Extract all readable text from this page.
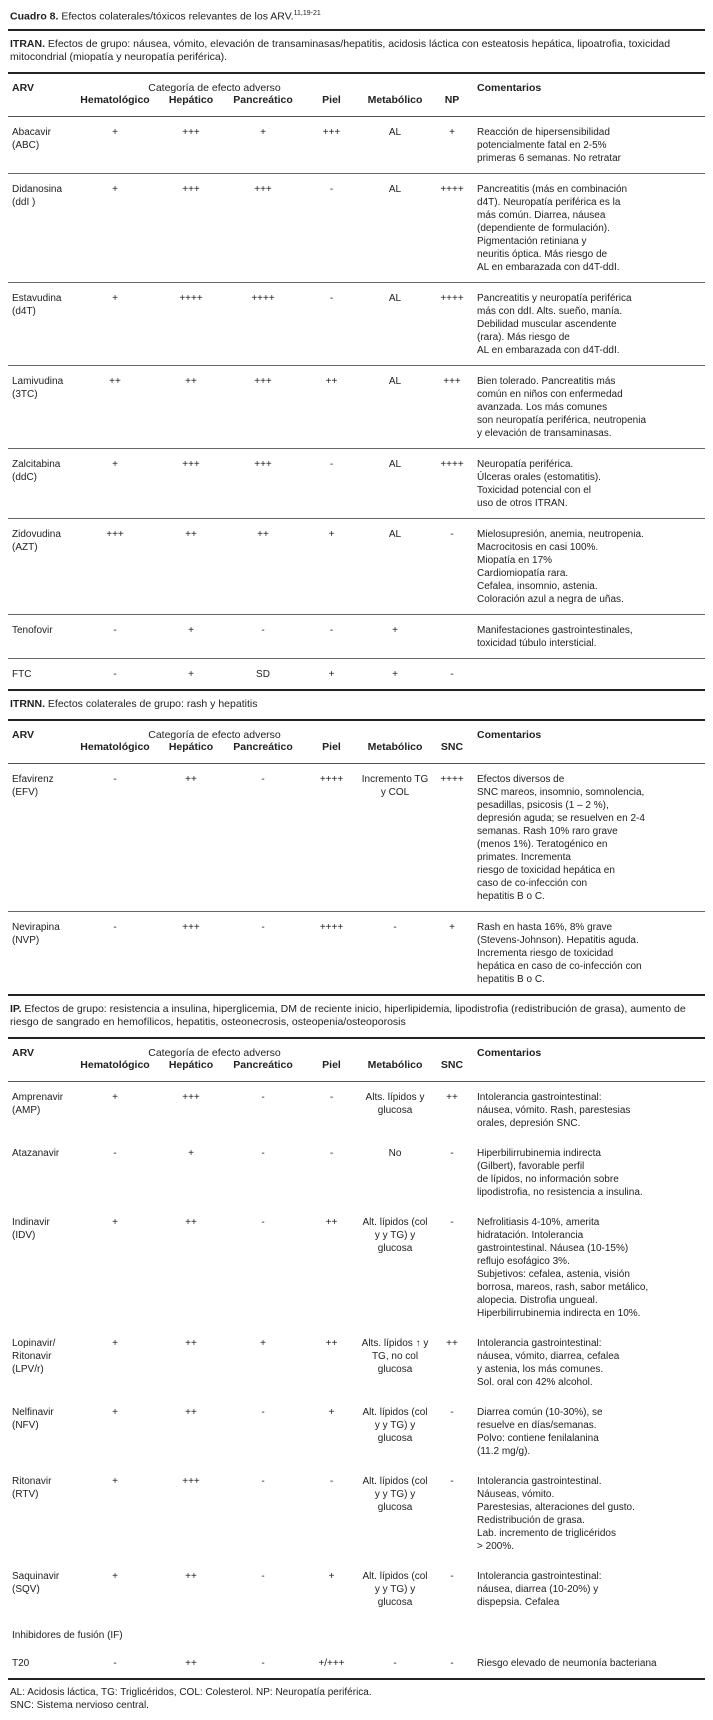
Cuadro 8. Efectos colaterales/tóxicos relevantes de los ARV.$^{11,19-21}$
ITRAN. Efectos de grupo: náusea, vómito, elevación de transaminasas/hepatitis, acidosis láctica con esteatosis hepática, lipoatrofia, toxicidad mitocondrial (miopatía y neuropatía periférica).
ARV	Categoría de efecto adverso						Comentarios
	Hematológico	Hepático	Pancreático	Piel	Metabólico	NP	

Abacavir
(ABC)	+	+++	+	+++	AL	+	Reacción de hipersensibilidad
potencialmente fatal en 2-5%
primeras 6 semanas. No retratar

Didanosina
(ddI )
	+	+++	+++	-	AL	++++	Pancreatitis (más en combinación
d4T). Neuropatía periférica es la
más común. Diarrea, náusea
(dependiente de formulación).
Pigmentación retiniana y
neuritis óptica. Más riesgo de
AL en embarazada con d4T-ddI.

Estavudina
(d4T)	+	++++	++++	-	AL	++++	Pancreatitis y neuropatía periférica
más con ddI. Alts. sueño, manía.
Debilidad muscular ascendente
(rara). Más riesgo de
AL en embarazada con d4T-ddI.

Lamivudina
(3TC)	++	++	+++	++	AL	+++	Bien tolerado. Pancreatitis más
común en niños con enfermedad
avanzada. Los más comunes
son neuropatía periférica, neutropenia
y elevación de transaminasas.

Zalcitabina
(ddC)	+	+++	+++	-	AL	++++	Neuropatía periférica.
Úlceras orales (estomatitis).
Toxicidad potencial con el
uso de otros ITRAN.

Zidovudina
(AZT)
	+++	++	++	+	AL	-	Mielosupresión, anemia, neutropenia.
Macrocitosis en casi 100%.
Miopatía en 17%
Cardiomiopatía rara.
Cefalea, insomnio, astenia.
Coloración azul a negra de uñas.

Tenofovir	-	+	-	-	+		Manifestaciones gastrointestinales,
toxicidad túbulo intersticial.

FTC	-	+	SD	+	+	-	
ITRNN. Efectos colaterales de grupo: rash y hepatitis
ARV	Categoría de efecto adverso						Comentarios
	Hematológico	Hepático	Pancreático	Piel	Metabólico	SNC	

Efavirenz
(EFV)
	-	++	-	++++	Incremento TG y COL	++++	Efectos diversos de
SNC mareos, insomnio, somnolencia,
pesadillas, psicosis (1 – 2 %),
depresión aguda; se resuelven en 2-4
semanas. Rash 10% raro grave
(menos 1%). Teratogénico en
primates. Incrementa
riesgo de toxicidad hepática en
caso de co-infección con
hepatitis B o C.

Nevirapina
(NVP)	-	+++	-	++++	-	+	Rash en hasta 16%, 8% grave
(Stevens-Johnson). Hepatitis aguda.
Incrementa riesgo de toxicidad
hepática en caso de co-infección con
hepatitis B o C.
IP. Efectos de grupo: resistencia a insulina, hiperglicemia, DM de reciente inicio, hiperlipidemia, lipodistrofia (redistribución de grasa), aumento de riesgo de sangrado en hemofílicos, hepatitis, osteonecrosis, osteopenia/osteoporosis
ARV	Categoría de efecto adverso						Comentarios
	Hematológico	Hepático	Pancreático	Piel	Metabólico	SNC	

Amprenavir
(AMP)	+	+++	-	-	Alts. lípidos y glucosa	++	Intolerancia gastrointestinal:
náusea, vómito. Rash, parestesias
orales, depresión SNC.

Atazanavir	-	+	-	-	No	-	Hiperbilirrubinemia indirecta
(Gilbert), favorable perfil
de lípidos, no información sobre
lipodistrofia, no resistencia a insulina.

Indinavir
(IDV)
	+	++	-	++	Alt. lípidos (col y y TG) y glucosa	-	Nefrolitiasis 4-10%, amerita
hidratación. Intolerancia
gastrointestinal. Náusea (10-15%)
reflujo esofágico 3%.
Subjetivos: cefalea, astenia, visión
borrosa, mareos, rash, sabor metálico,
alopecia. Distrofia ungueal.
Hiperbilirrubinemia indirecta en 10%.

Lopinavir/
Ritonavir
(LPV/r)	+	++	+	++	Alts. lípidos ↑ y TG, no col glucosa	++	Intolerancia gastrointestinal:
náusea, vómito, diarrea, cefalea
y astenia, los más comunes.
Sol. oral con 42% alcohol.

Nelfinavir
(NFV)	+	++	-	+	Alt. lípidos (col y y TG) y glucosa	-	Diarrea común (10-30%), se
resuelve en días/semanas.
Polvo: contiene fenilalanina
(11.2 mg/g).

Ritonavir
(RTV)
	+	+++	-	-	Alt. lípidos (col y y TG) y glucosa	-	Intolerancia gastrointestinal.
Náuseas, vómito.
Parestesias, alteraciones del gusto.
Redistribución de grasa.
Lab. incremento de triglicéridos
> 200%.

Saquinavir
(SQV)	+	++	-	+	Alt. lípidos (col y y TG) y glucosa	-	Intolerancia gastrointestinal:
náusea, diarrea (10-20%) y
dispepsia. Cefalea

Inhibidores de fusión (IF)							

T20	-	++	-	+/+++	-	-	Riesgo elevado de neumonía bacteriana
AL: Acidosis láctica, TG: Triglicéridos, COL: Colesterol. NP: Neuropatía periférica.
SNC: Sistema nervioso central.
